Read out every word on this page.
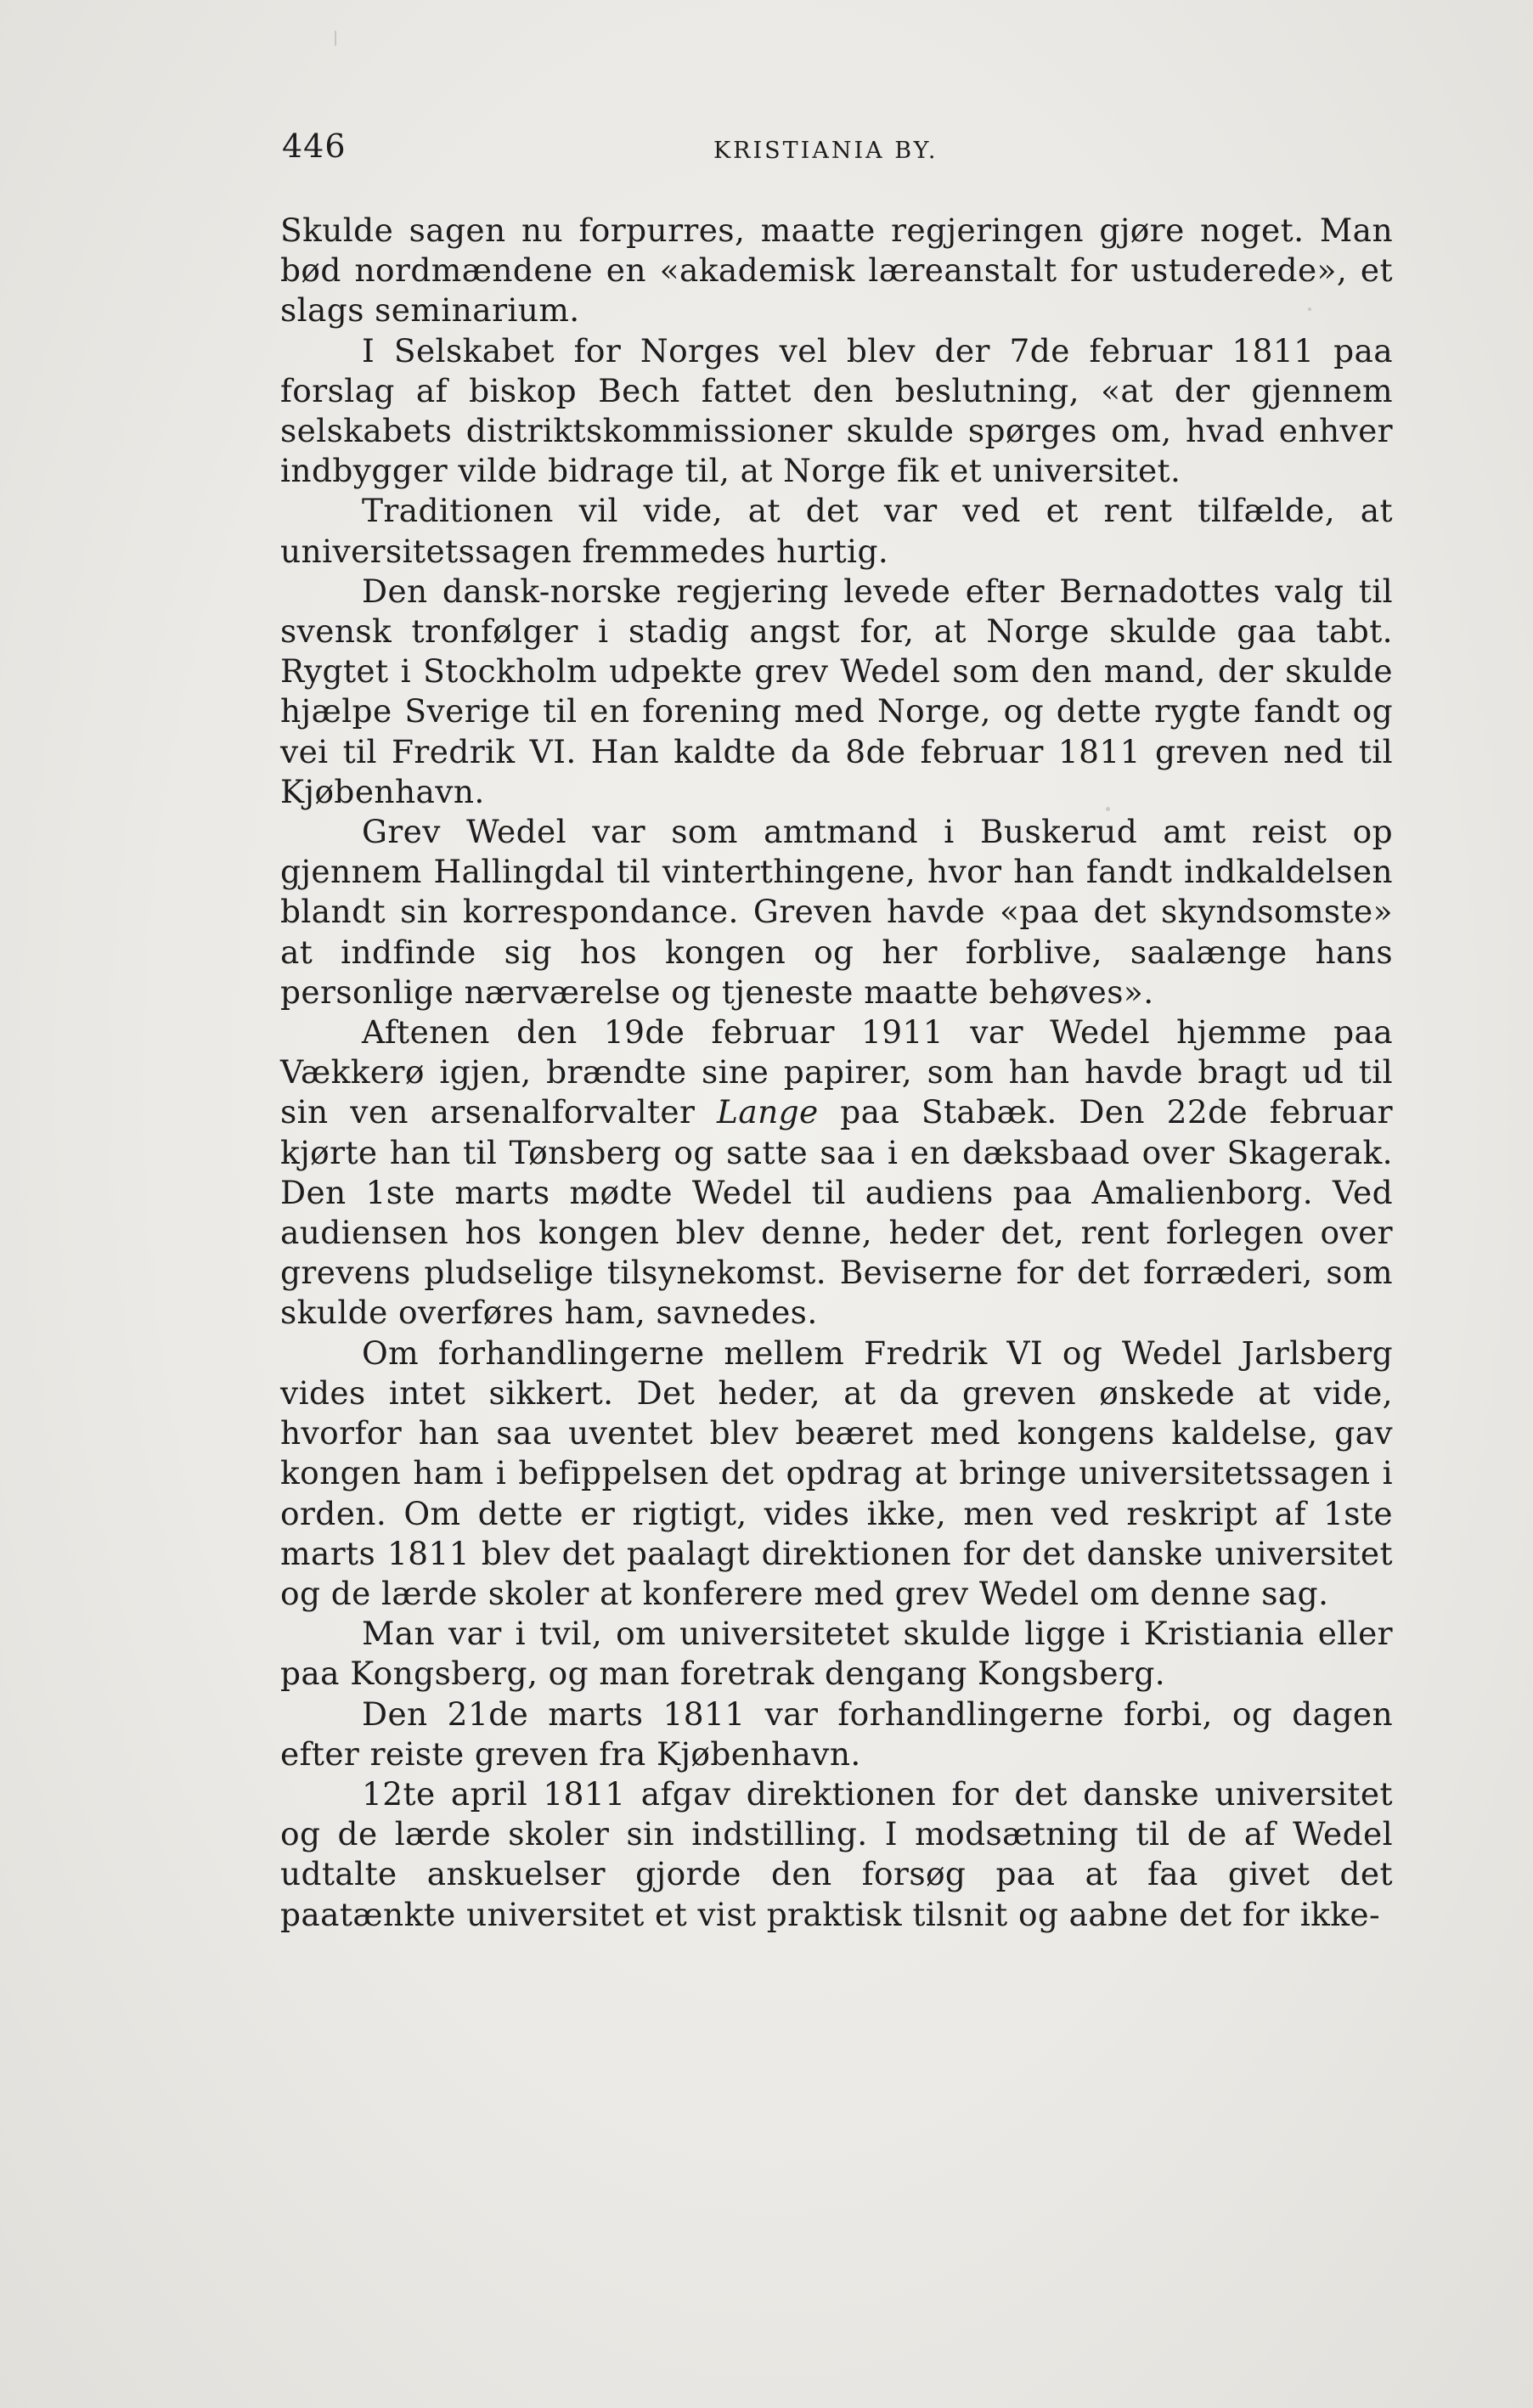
446	KRISTIANIA BY.

Skulde sagen nu forpurres, maatte regjeringen gjøre noget. Man bød nordmændene en «akademisk læreanstalt for ustuderede», et slags seminarium.

I Selskabet for Norges vel blev der 7de februar 1811 paa forslag af biskop Bech fattet den beslutning, «at der gjennem selskabets distriktskommissioner skulde spørges om, hvad enhver indbygger vilde bidrage til, at Norge fik et universitet.

Traditionen vil vide, at det var ved et rent tilfælde, at universitetssagen fremmedes hurtig.

Den dansk-norske regjering levede efter Bernadottes valg til svensk tronfølger i stadig angst for, at Norge skulde gaa tabt. Rygtet i Stockholm udpekte grev Wedel som den mand, der skulde hjælpe Sverige til en forening med Norge, og dette rygte fandt og vei til Fredrik VI. Han kaldte da 8de februar 1811 greven ned til Kjøbenhavn.

Grev Wedel var som amtmand i Buskerud amt reist op gjennem Hallingdal til vinterthingene, hvor han fandt indkaldelsen blandt sin korrespondance. Greven havde «paa det skyndsomste» at indfinde sig hos kongen og her forblive, saalænge hans personlige nærværelse og tjeneste maatte behøves».

Aftenen den 19de februar 1911 var Wedel hjemme paa Vækkerø igjen, brændte sine papirer, som han havde bragt ud til sin ven arsenalforvalter Lange paa Stabæk. Den 22de februar kjørte han til Tønsberg og satte saa i en dæksbaad over Skagerak. Den 1ste marts mødte Wedel til audiens paa Amalienborg. Ved audiensen hos kongen blev denne, heder det, rent forlegen over grevens pludselige tilsynekomst. Beviserne for det forræderi, som skulde overføres ham, savnedes.

Om forhandlingerne mellem Fredrik VI og Wedel Jarlsberg vides intet sikkert. Det heder, at da greven ønskede at vide, hvorfor han saa uventet blev beæret med kongens kaldelse, gav kongen ham i befippelsen det opdrag at bringe universitetssagen i orden. Om dette er rigtigt, vides ikke, men ved reskript af 1ste marts 1811 blev det paalagt direktionen for det danske universitet og de lærde skoler at konferere med grev Wedel om denne sag.

Man var i tvil, om universitetet skulde ligge i Kristiania eller paa Kongsberg, og man foretrak dengang Kongsberg.

Den 21de marts 1811 var forhandlingerne forbi, og dagen efter reiste greven fra Kjøbenhavn.

12te april 1811 afgav direktionen for det danske universitet og de lærde skoler sin indstilling. I modsætning til de af Wedel udtalte anskuelser gjorde den forsøg paa at faa givet det paatænkte universitet et vist praktisk tilsnit og aabne det for ikke-
